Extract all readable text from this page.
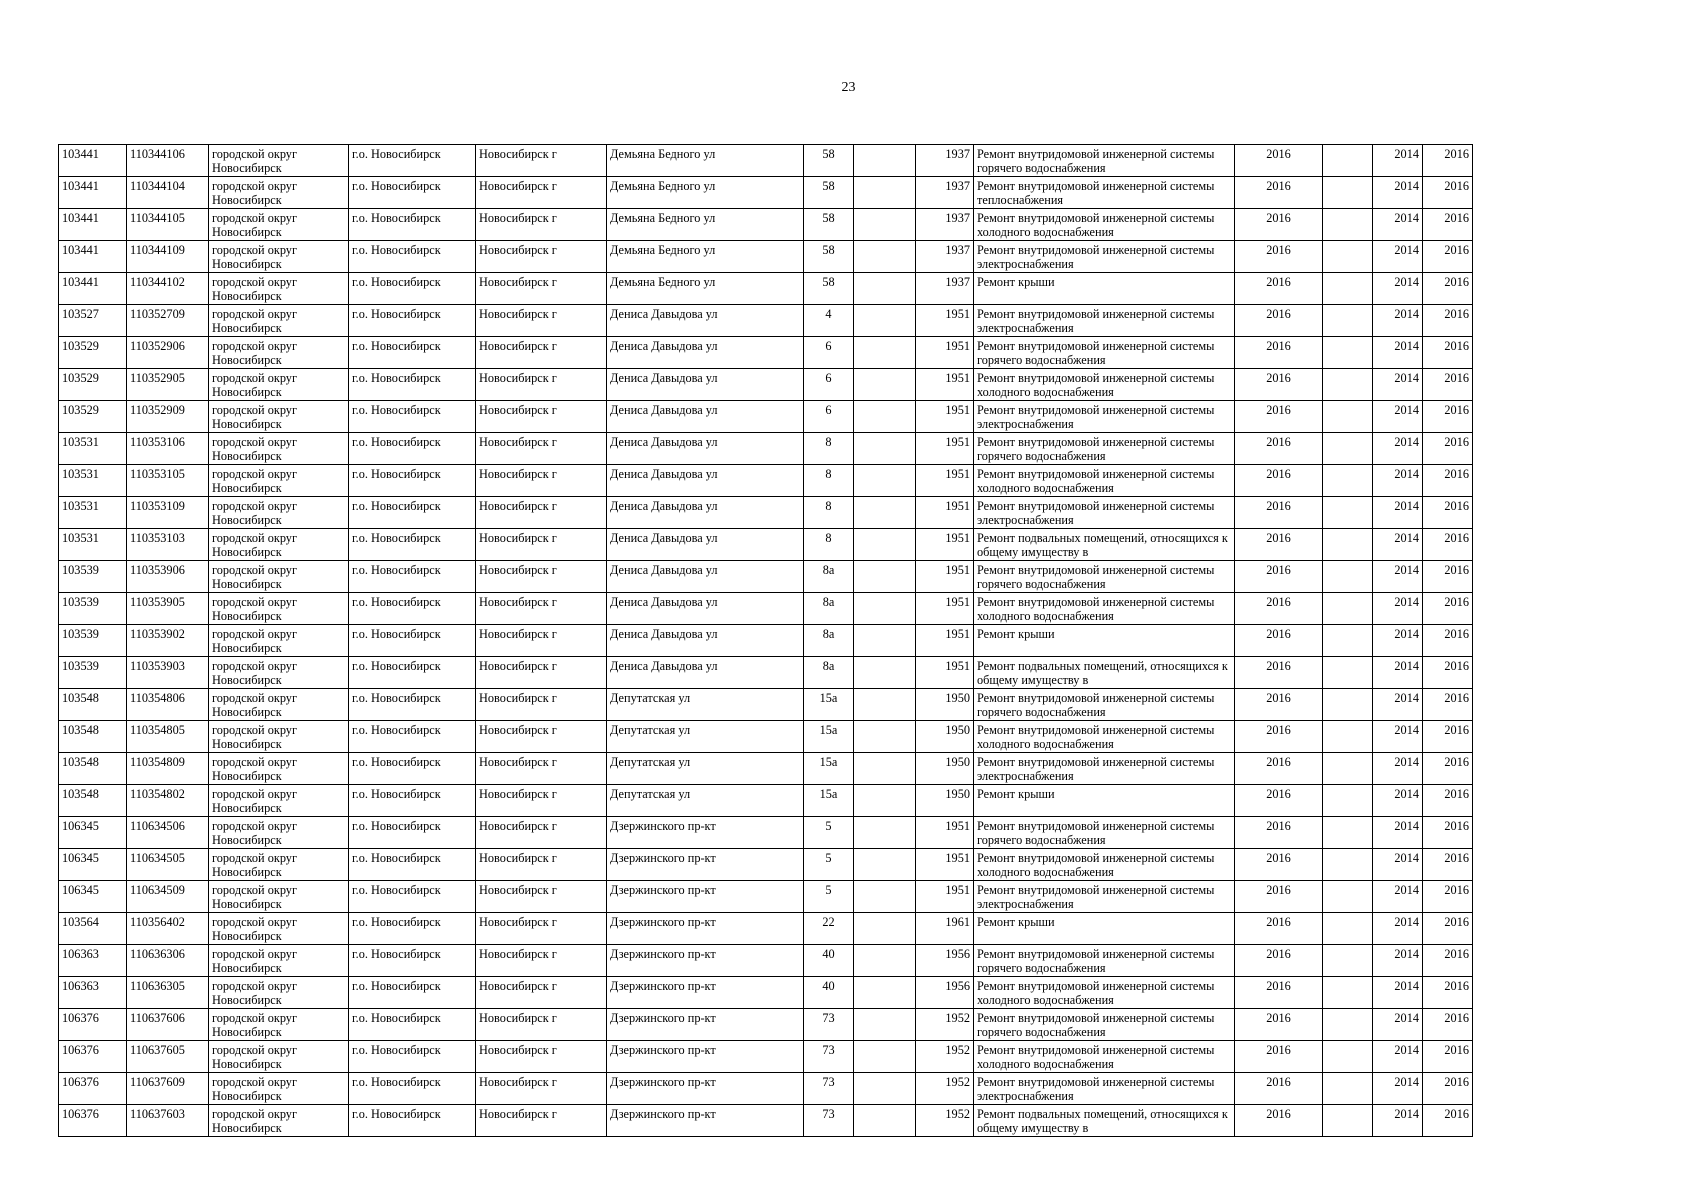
23
103441	110344106	городской округ Новосибирск	г.о. Новосибирск	Новосибирск г	Демьяна Бедного ул	58		1937	Ремонт внутридомовой инженерной системы горячего водоснабжения	2016		2014	2016
103441	110344104	городской округ Новосибирск	г.о. Новосибирск	Новосибирск г	Демьяна Бедного ул	58		1937	Ремонт внутридомовой инженерной системы теплоснабжения	2016		2014	2016
103441	110344105	городской округ Новосибирск	г.о. Новосибирск	Новосибирск г	Демьяна Бедного ул	58		1937	Ремонт внутридомовой инженерной системы холодного водоснабжения	2016		2014	2016
103441	110344109	городской округ Новосибирск	г.о. Новосибирск	Новосибирск г	Демьяна Бедного ул	58		1937	Ремонт внутридомовой инженерной системы электроснабжения	2016		2014	2016
103441	110344102	городской округ Новосибирск	г.о. Новосибирск	Новосибирск г	Демьяна Бедного ул	58		1937	Ремонт крыши	2016		2014	2016
103527	110352709	городской округ Новосибирск	г.о. Новосибирск	Новосибирск г	Дениса Давыдова ул	4		1951	Ремонт внутридомовой инженерной системы электроснабжения	2016		2014	2016
103529	110352906	городской округ Новосибирск	г.о. Новосибирск	Новосибирск г	Дениса Давыдова ул	6		1951	Ремонт внутридомовой инженерной системы горячего водоснабжения	2016		2014	2016
103529	110352905	городской округ Новосибирск	г.о. Новосибирск	Новосибирск г	Дениса Давыдова ул	6		1951	Ремонт внутридомовой инженерной системы холодного водоснабжения	2016		2014	2016
103529	110352909	городской округ Новосибирск	г.о. Новосибирск	Новосибирск г	Дениса Давыдова ул	6		1951	Ремонт внутридомовой инженерной системы электроснабжения	2016		2014	2016
103531	110353106	городской округ Новосибирск	г.о. Новосибирск	Новосибирск г	Дениса Давыдова ул	8		1951	Ремонт внутридомовой инженерной системы горячего водоснабжения	2016		2014	2016
103531	110353105	городской округ Новосибирск	г.о. Новосибирск	Новосибирск г	Дениса Давыдова ул	8		1951	Ремонт внутридомовой инженерной системы холодного водоснабжения	2016		2014	2016
103531	110353109	городской округ Новосибирск	г.о. Новосибирск	Новосибирск г	Дениса Давыдова ул	8		1951	Ремонт внутридомовой инженерной системы электроснабжения	2016		2014	2016
103531	110353103	городской округ Новосибирск	г.о. Новосибирск	Новосибирск г	Дениса Давыдова ул	8		1951	Ремонт подвальных помещений, относящихся к общему имуществу в	2016		2014	2016
103539	110353906	городской округ Новосибирск	г.о. Новосибирск	Новосибирск г	Дениса Давыдова ул	8а		1951	Ремонт внутридомовой инженерной системы горячего водоснабжения	2016		2014	2016
103539	110353905	городской округ Новосибирск	г.о. Новосибирск	Новосибирск г	Дениса Давыдова ул	8а		1951	Ремонт внутридомовой инженерной системы холодного водоснабжения	2016		2014	2016
103539	110353902	городской округ Новосибирск	г.о. Новосибирск	Новосибирск г	Дениса Давыдова ул	8а		1951	Ремонт крыши	2016		2014	2016
103539	110353903	городской округ Новосибирск	г.о. Новосибирск	Новосибирск г	Дениса Давыдова ул	8а		1951	Ремонт подвальных помещений, относящихся к общему имуществу в	2016		2014	2016
103548	110354806	городской округ Новосибирск	г.о. Новосибирск	Новосибирск г	Депутатская ул	15а		1950	Ремонт внутридомовой инженерной системы горячего водоснабжения	2016		2014	2016
103548	110354805	городской округ Новосибирск	г.о. Новосибирск	Новосибирск г	Депутатская ул	15а		1950	Ремонт внутридомовой инженерной системы холодного водоснабжения	2016		2014	2016
103548	110354809	городской округ Новосибирск	г.о. Новосибирск	Новосибирск г	Депутатская ул	15а		1950	Ремонт внутридомовой инженерной системы электроснабжения	2016		2014	2016
103548	110354802	городской округ Новосибирск	г.о. Новосибирск	Новосибирск г	Депутатская ул	15а		1950	Ремонт крыши	2016		2014	2016
106345	110634506	городской округ Новосибирск	г.о. Новосибирск	Новосибирск г	Дзержинского пр-кт	5		1951	Ремонт внутридомовой инженерной системы горячего водоснабжения	2016		2014	2016
106345	110634505	городской округ Новосибирск	г.о. Новосибирск	Новосибирск г	Дзержинского пр-кт	5		1951	Ремонт внутридомовой инженерной системы холодного водоснабжения	2016		2014	2016
106345	110634509	городской округ Новосибирск	г.о. Новосибирск	Новосибирск г	Дзержинского пр-кт	5		1951	Ремонт внутридомовой инженерной системы электроснабжения	2016		2014	2016
103564	110356402	городской округ Новосибирск	г.о. Новосибирск	Новосибирск г	Дзержинского пр-кт	22		1961	Ремонт крыши	2016		2014	2016
106363	110636306	городской округ Новосибирск	г.о. Новосибирск	Новосибирск г	Дзержинского пр-кт	40		1956	Ремонт внутридомовой инженерной системы горячего водоснабжения	2016		2014	2016
106363	110636305	городской округ Новосибирск	г.о. Новосибирск	Новосибирск г	Дзержинского пр-кт	40		1956	Ремонт внутридомовой инженерной системы холодного водоснабжения	2016		2014	2016
106376	110637606	городской округ Новосибирск	г.о. Новосибирск	Новосибирск г	Дзержинского пр-кт	73		1952	Ремонт внутридомовой инженерной системы горячего водоснабжения	2016		2014	2016
106376	110637605	городской округ Новосибирск	г.о. Новосибирск	Новосибирск г	Дзержинского пр-кт	73		1952	Ремонт внутридомовой инженерной системы холодного водоснабжения	2016		2014	2016
106376	110637609	городской округ Новосибирск	г.о. Новосибирск	Новосибирск г	Дзержинского пр-кт	73		1952	Ремонт внутридомовой инженерной системы электроснабжения	2016		2014	2016
106376	110637603	городской округ Новосибирск	г.о. Новосибирск	Новосибирск г	Дзержинского пр-кт	73		1952	Ремонт подвальных помещений, относящихся к общему имуществу в	2016		2014	2016
